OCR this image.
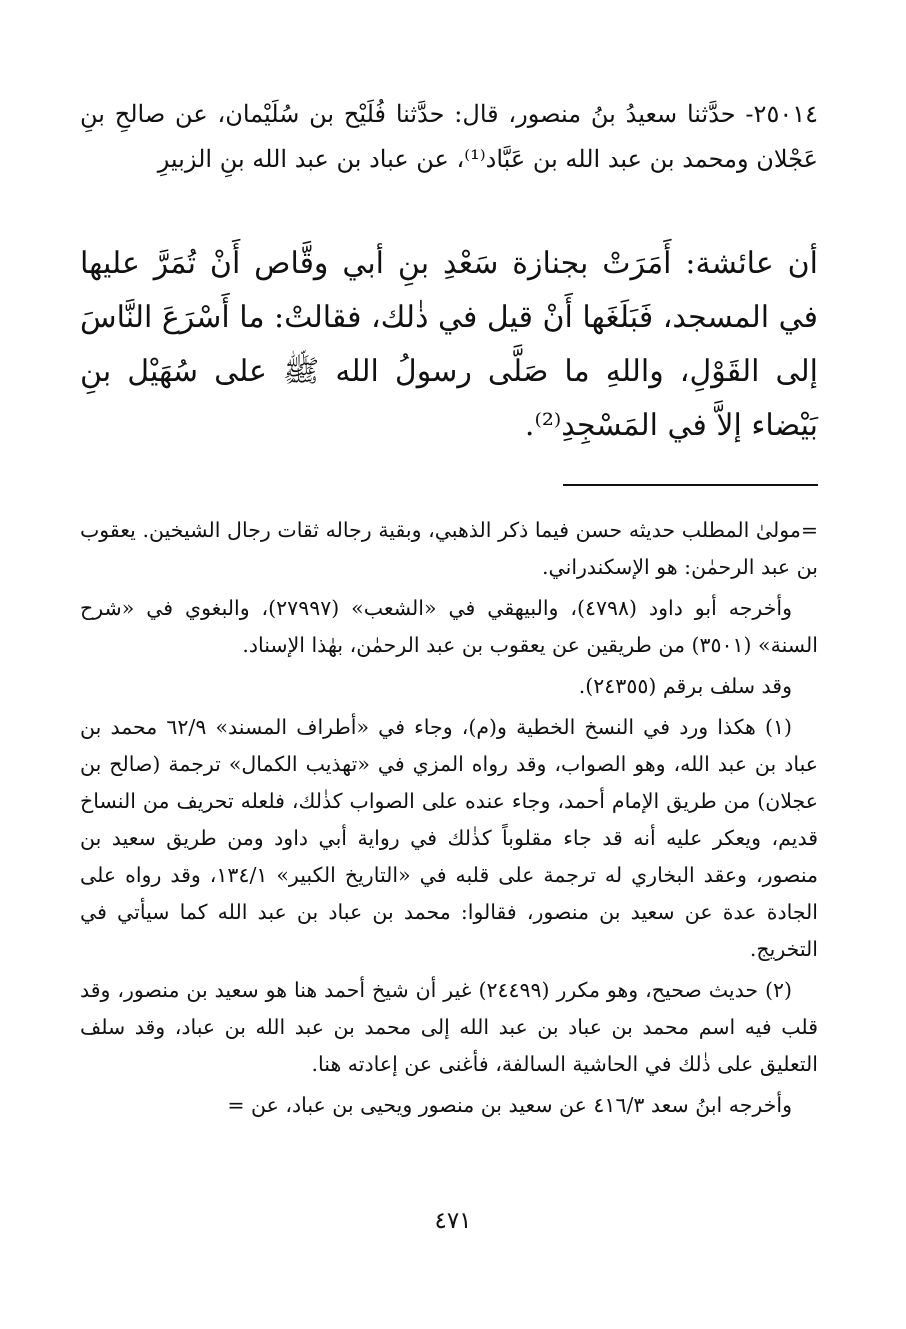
٢٥٠١٤- حدَّثنا سعيدُ بنُ منصور، قال: حدَّثنا فُلَيْح بن سُلَيْمان، عن صالحِ بنِ عَجْلان ومحمد بن عبد الله بن عَبَّاد⁽¹⁾، عن عباد بن عبد الله بنِ الزبيرِ
أن عائشة: أَمَرَتْ بجنازة سَعْدِ بنِ أبي وقَّاص أَنْ تُمَرَّ عليها في المسجد، فَبَلَغَها أَنْ قيل في ذٰلك، فقالتْ: ما أَسْرَعَ النَّاسَ إلى القَوْلِ، واللهِ ما صَلَّى رسولُ الله ﷺ على سُهَيْل بنِ بَيْضاء إلاَّ في المَسْجِدِ⁽²⁾.

=مولىٰ المطلب حديثه حسن فيما ذكر الذهبي، وبقية رجاله ثقات رجال الشيخين. يعقوب بن عبد الرحمٰن: هو الإسكندراني.

وأخرجه أبو داود (٤٧٩٨)، والبيهقي في «الشعب» (٢٧٩٩٧)، والبغوي في «شرح السنة» (٣٥٠١) من طريقين عن يعقوب بن عبد الرحمٰن، بهٰذا الإسناد.

وقد سلف برقم (٢٤٣٥٥).

(١) هكذا ورد في النسخ الخطية و(م)، وجاء في «أطراف المسند» ٦٢/٩ محمد بن عباد بن عبد الله، وهو الصواب، وقد رواه المزي في «تهذيب الكمال» ترجمة (صالح بن عجلان) من طريق الإمام أحمد، وجاء عنده على الصواب كذٰلك، فلعله تحريف من النساخ قديم، ويعكر عليه أنه قد جاء مقلوباً كذٰلك في رواية أبي داود ومن طريق سعيد بن منصور، وعقد البخاري له ترجمة على قلبه في «التاريخ الكبير» ١٣٤/١، وقد رواه على الجادة عدة عن سعيد بن منصور، فقالوا: محمد بن عباد بن عبد الله كما سيأتي في التخريج.

(٢) حديث صحيح، وهو مكرر (٢٤٤٩٩) غير أن شيخ أحمد هنا هو سعيد بن منصور، وقد قلب فيه اسم محمد بن عباد بن عبد الله إلى محمد بن عبد الله بن عباد، وقد سلف التعليق على ذٰلك في الحاشية السالفة، فأغنى عن إعادته هنا.

وأخرجه ابنُ سعد ٤١٦/٣ عن سعيد بن منصور ويحيى بن عباد، عن =

٤٧١
